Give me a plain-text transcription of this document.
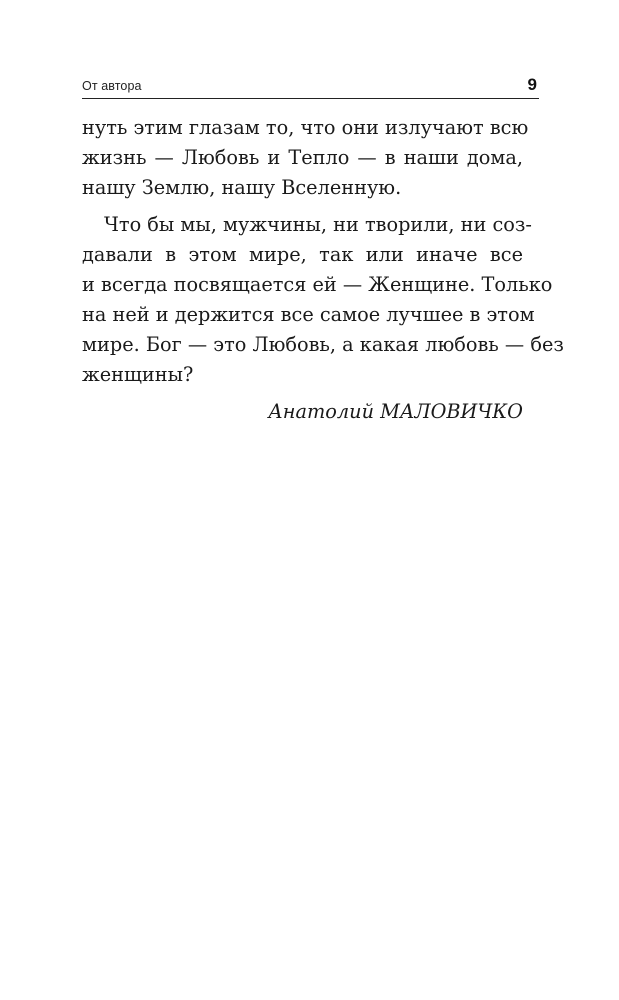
От автора	9
нуть этим глазам то, что они излучают всю
жизнь — Любовь и Тепло — в наши дома,
нашу Землю, нашу Вселенную.
Что бы мы, мужчины, ни творили, ни соз-
давали в этом мире, так или иначе все
и всегда посвящается ей — Женщине. Только
на ней и держится все самое лучшее в этом
мире. Бог — это Любовь, а какая любовь — без
женщины?
Анатолий МАЛОВИЧКО
